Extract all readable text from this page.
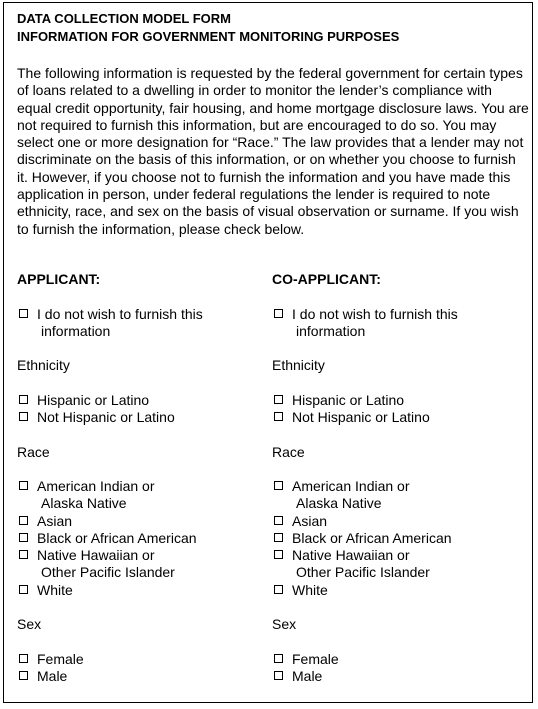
DATA COLLECTION MODEL FORM
INFORMATION FOR GOVERNMENT MONITORING PURPOSES
The following information is requested by the federal government for certain types of loans related to a dwelling in order to monitor the lender’s compliance with equal credit opportunity, fair housing, and home mortgage disclosure laws. You are not required to furnish this information, but are encouraged to do so. You may select one or more designation for “Race.” The law provides that a lender may not discriminate on the basis of this information, or on whether you choose to furnish it. However, if you choose not to furnish the information and you have made this application in person, under federal regulations the lender is required to note ethnicity, race, and sex on the basis of visual observation or surname. If you wish to furnish the information, please check below.
APPLICANT:
I do not wish to furnish this
information
Ethnicity
Hispanic or Latino
Not Hispanic or Latino
Race
American Indian or
Alaska Native
Asian
Black or African American
Native Hawaiian or
Other Pacific Islander
White
Sex
Female
Male
CO-APPLICANT:
I do not wish to furnish this
information
Ethnicity
Hispanic or Latino
Not Hispanic or Latino
Race
American Indian or
Alaska Native
Asian
Black or African American
Native Hawaiian or
Other Pacific Islander
White
Sex
Female
Male
